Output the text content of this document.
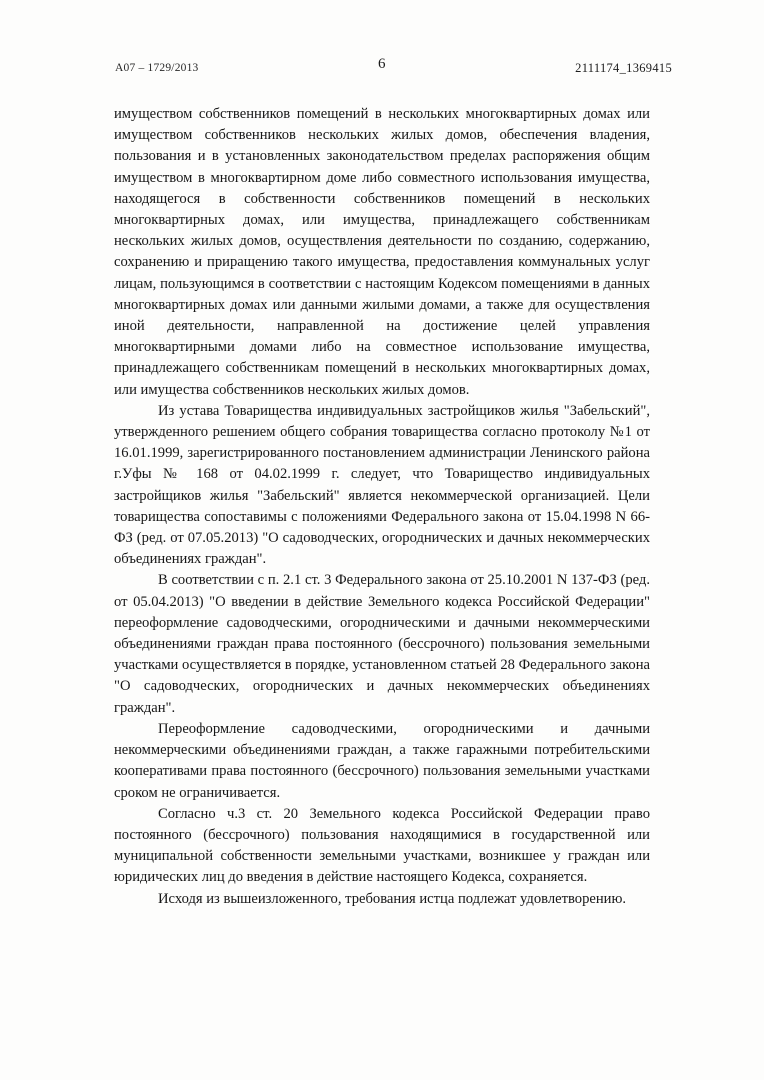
А07 – 1729/2013	6	2111174_1369415

имуществом собственников помещений в нескольких многоквартирных домах или имуществом собственников нескольких жилых домов, обеспечения владения, пользования и в установленных законодательством пределах распоряжения общим имуществом в многоквартирном доме либо совместного использования имущества, находящегося в собственности собственников помещений в нескольких многоквартирных домах, или имущества, принадлежащего собственникам нескольких жилых домов, осуществления деятельности по созданию, содержанию, сохранению и приращению такого имущества, предоставления коммунальных услуг лицам, пользующимся в соответствии с настоящим Кодексом помещениями в данных многоквартирных домах или данными жилыми домами, а также для осуществления иной деятельности, направленной на достижение целей управления многоквартирными домами либо на совместное использование имущества, принадлежащего собственникам помещений в нескольких многоквартирных домах, или имущества собственников нескольких жилых домов.

Из устава Товарищества индивидуальных застройщиков жилья "Забельский", утвержденного решением общего собрания товарищества согласно протоколу №1 от 16.01.1999, зарегистрированного постановлением администрации Ленинского района г.Уфы № 168 от 04.02.1999 г. следует, что Товарищество индивидуальных застройщиков жилья "Забельский" является некоммерческой организацией. Цели товарищества сопоставимы с положениями Федерального закона от 15.04.1998 N 66-ФЗ (ред. от 07.05.2013) "О садоводческих, огороднических и дачных некоммерческих объединениях граждан".

В соответствии с п. 2.1 ст. 3 Федерального закона от 25.10.2001 N 137-ФЗ (ред. от 05.04.2013) "О введении в действие Земельного кодекса Российской Федерации" переоформление садоводческими, огородническими и дачными некоммерческими объединениями граждан права постоянного (бессрочного) пользования земельными участками осуществляется в порядке, установленном статьей 28 Федерального закона "О садоводческих, огороднических и дачных некоммерческих объединениях граждан".

Переоформление садоводческими, огородническими и дачными некоммерческими объединениями граждан, а также гаражными потребительскими кооперативами права постоянного (бессрочного) пользования земельными участками сроком не ограничивается.

Согласно ч.3 ст. 20 Земельного кодекса Российской Федерации право постоянного (бессрочного) пользования находящимися в государственной или муниципальной собственности земельными участками, возникшее у граждан или юридических лиц до введения в действие настоящего Кодекса, сохраняется.

Исходя из вышеизложенного, требования истца подлежат удовлетворению.
